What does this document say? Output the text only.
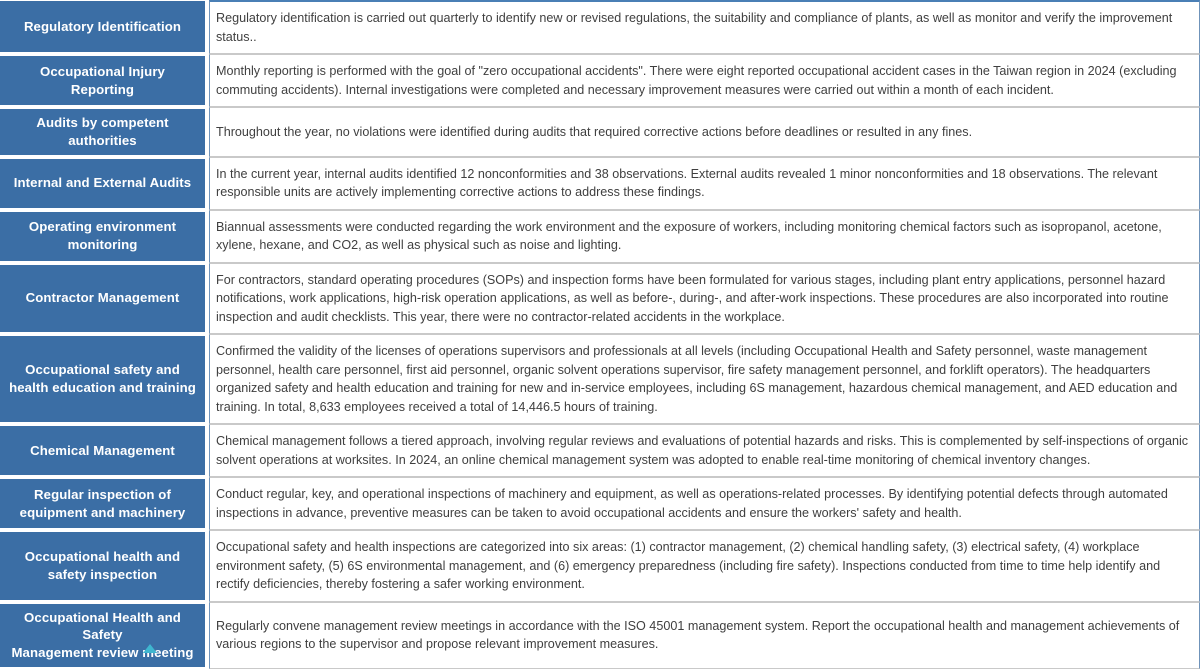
Regulatory Identification	Regulatory identification is carried out quarterly to identify new or revised regulations, the suitability and compliance of plants, as well as monitor and verify the improvement status..

Occupational Injury Reporting	Monthly reporting is performed with the goal of "zero occupational accidents". There were eight reported occupational accident cases in the Taiwan region in 2024 (excluding commuting accidents). Internal investigations were completed and necessary improvement measures were carried out within a month of each incident.

Audits by competent authorities	Throughout the year, no violations were identified during audits that required corrective actions before deadlines or resulted in any fines.

Internal and External Audits	In the current year, internal audits identified 12 nonconformities and 38 observations. External audits revealed 1 minor nonconformities and 18 observations. The relevant responsible units are actively implementing corrective actions to address these findings.

Operating environment monitoring	Biannual assessments were conducted regarding the work environment and the exposure of workers, including monitoring chemical factors such as isopropanol, acetone, xylene, hexane, and CO2, as well as physical such as noise and lighting.

Contractor Management	For contractors, standard operating procedures (SOPs) and inspection forms have been formulated for various stages, including plant entry applications, personnel hazard notifications, work applications, high-risk operation applications, as well as before-, during-, and after-work inspections. These procedures are also incorporated into routine inspection and audit checklists. This year, there were no contractor-related accidents in the workplace.

Occupational safety and health education and training	Confirmed the validity of the licenses of operations supervisors and professionals at all levels (including Occupational Health and Safety personnel, waste management personnel, health care personnel, first aid personnel, organic solvent operations supervisor, fire safety management personnel, and forklift operators). The headquarters organized safety and health education and training for new and in-service employees, including 6S management, hazardous chemical management, and AED education and training. In total, 8,633 employees received a total of 14,446.5 hours of training.

Chemical Management	Chemical management follows a tiered approach, involving regular reviews and evaluations of potential hazards and risks. This is complemented by self-inspections of organic solvent operations at worksites. In 2024, an online chemical management system was adopted to enable real-time monitoring of chemical inventory changes.

Regular inspection of equipment and machinery	Conduct regular, key, and operational inspections of machinery and equipment, as well as operations-related processes. By identifying potential defects through automated inspections in advance, preventive measures can be taken to avoid occupational accidents and ensure the workers' safety and health.

Occupational health and safety inspection	Occupational safety and health inspections are categorized into six areas: (1) contractor management, (2) chemical handling safety, (3) electrical safety, (4) workplace environment safety, (5) 6S environmental management, and (6) emergency preparedness (including fire safety). Inspections conducted from time to time help identify and rectify deficiencies, thereby fostering a safer working environment.

Occupational Health and Safety
Management review meeting	Regularly convene management review meetings in accordance with the ISO 45001 management system. Report the occupational health and management achievements of various regions to the supervisor and propose relevant improvement measures.
